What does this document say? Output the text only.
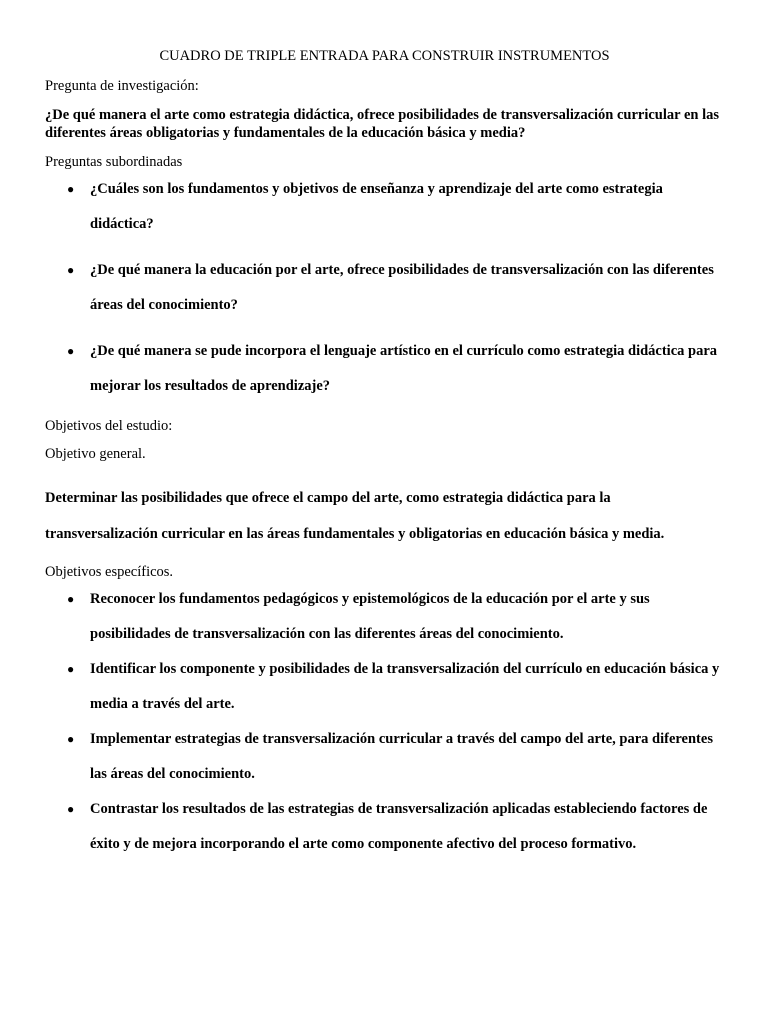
CUADRO DE TRIPLE ENTRADA PARA CONSTRUIR INSTRUMENTOS

Pregunta de investigación:

¿De qué manera el arte como estrategia didáctica, ofrece posibilidades de transversalización curricular en las diferentes áreas obligatorias y fundamentales de la educación básica y media?

Preguntas subordinadas

● ¿Cuáles son los fundamentos y objetivos de enseñanza y aprendizaje del arte como estrategia didáctica?
● ¿De qué manera la educación por el arte, ofrece posibilidades de transversalización con las diferentes áreas del conocimiento?
● ¿De qué manera se pude incorpora el lenguaje artístico en el currículo como estrategia didáctica para mejorar los resultados de aprendizaje?

Objetivos del estudio:

Objetivo general.

Determinar las posibilidades que ofrece el campo del arte, como estrategia didáctica para la transversalización curricular en las áreas fundamentales y obligatorias en educación básica y media.

Objetivos específicos.

● Reconocer los fundamentos pedagógicos y epistemológicos de la educación por el arte y sus posibilidades de transversalización con las diferentes áreas del conocimiento.
● Identificar los componente y posibilidades de la transversalización del currículo en educación básica y media a través del arte.
● Implementar estrategias de transversalización curricular a través del campo del arte, para diferentes las áreas del conocimiento.
● Contrastar los resultados de las estrategias de transversalización aplicadas estableciendo factores de éxito y de mejora incorporando el arte como componente afectivo del proceso formativo.
